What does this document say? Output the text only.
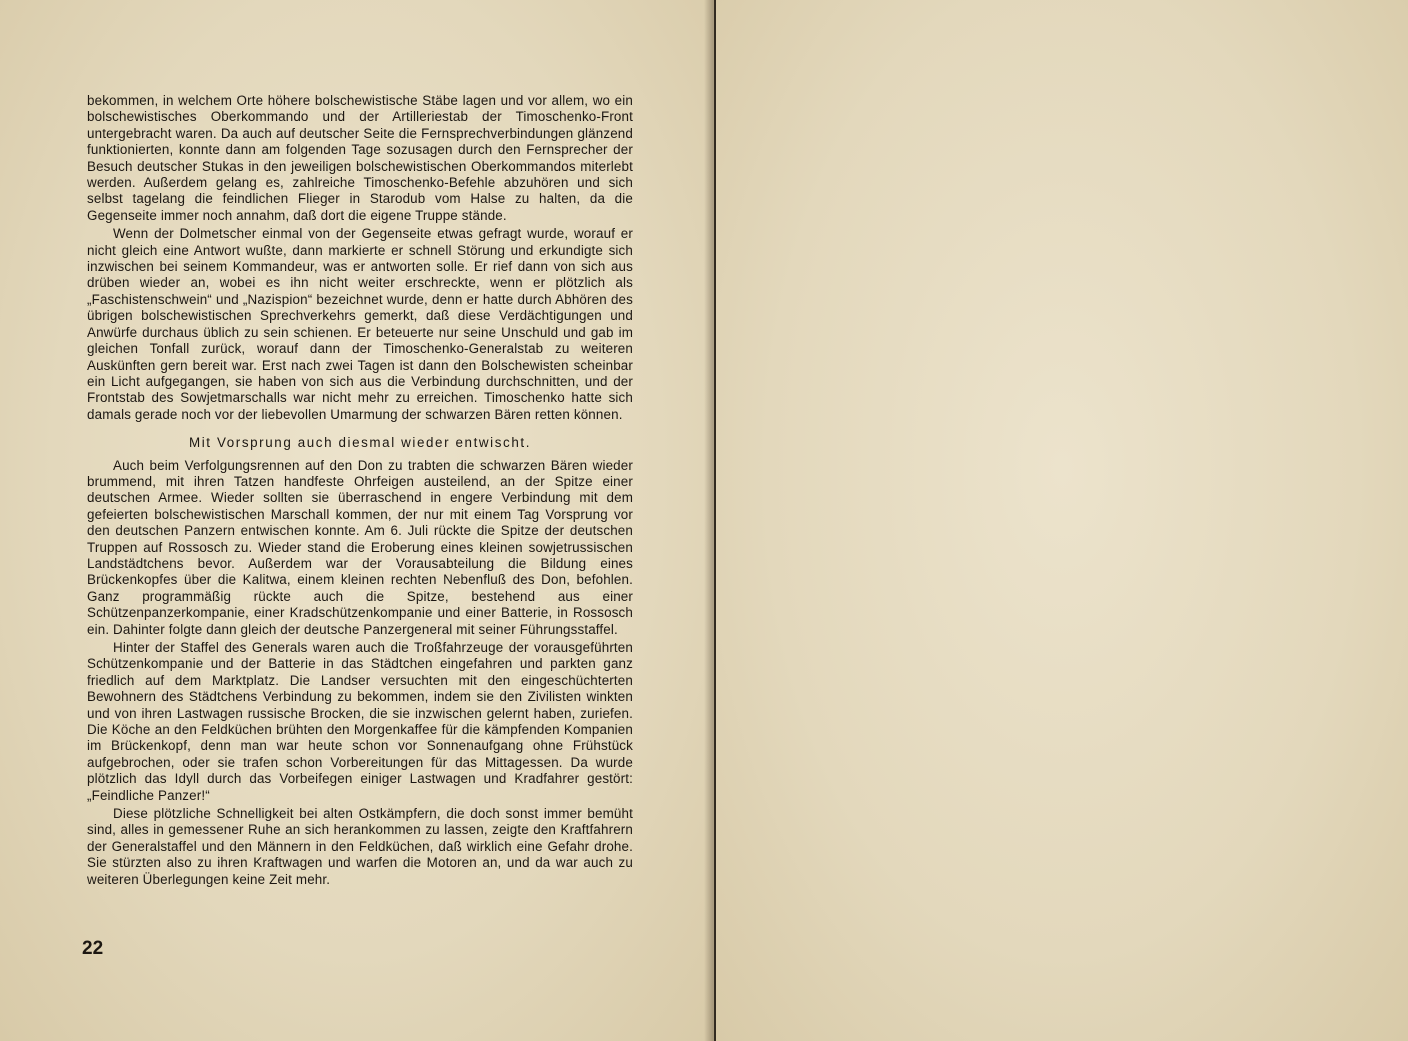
bekommen, in welchem Orte höhere bolschewistische Stäbe lagen und vor allem, wo ein bolschewistisches Oberkommando und der Artilleriestab der Timoschenko-Front untergebracht waren. Da auch auf deutscher Seite die Fernsprechverbindungen glänzend funktionierten, konnte dann am folgenden Tage sozusagen durch den Fernsprecher der Besuch deutscher Stukas in den jeweiligen bolschewistischen Oberkommandos miterlebt werden. Außerdem gelang es, zahlreiche Timoschenko-Befehle abzuhören und sich selbst tagelang die feindlichen Flieger in Starodub vom Halse zu halten, da die Gegenseite immer noch annahm, daß dort die eigene Truppe stände.

Wenn der Dolmetscher einmal von der Gegenseite etwas gefragt wurde, worauf er nicht gleich eine Antwort wußte, dann markierte er schnell Störung und erkundigte sich inzwischen bei seinem Kommandeur, was er antworten solle. Er rief dann von sich aus drüben wieder an, wobei es ihn nicht weiter erschreckte, wenn er plötzlich als „Faschistenschwein“ und „Nazispion“ bezeichnet wurde, denn er hatte durch Abhören des übrigen bolschewistischen Sprechverkehrs gemerkt, daß diese Verdächtigungen und Anwürfe durchaus üblich zu sein schienen. Er beteuerte nur seine Unschuld und gab im gleichen Tonfall zurück, worauf dann der Timoschenko-Generalstab zu weiteren Auskünften gern bereit war. Erst nach zwei Tagen ist dann den Bolschewisten scheinbar ein Licht aufgegangen, sie haben von sich aus die Verbindung durchschnitten, und der Frontstab des Sowjetmarschalls war nicht mehr zu erreichen. Timoschenko hatte sich damals gerade noch vor der liebevollen Umarmung der schwarzen Bären retten können.

Mit Vorsprung auch diesmal wieder entwischt.

Auch beim Verfolgungsrennen auf den Don zu trabten die schwarzen Bären wieder brummend, mit ihren Tatzen handfeste Ohrfeigen austeilend, an der Spitze einer deutschen Armee. Wieder sollten sie überraschend in engere Verbindung mit dem gefeierten bolschewistischen Marschall kommen, der nur mit einem Tag Vorsprung vor den deutschen Panzern entwischen konnte. Am 6. Juli rückte die Spitze der deutschen Truppen auf Rossosch zu. Wieder stand die Eroberung eines kleinen sowjetrussischen Landstädtchens bevor. Außerdem war der Vorausabteilung die Bildung eines Brückenkopfes über die Kalitwa, einem kleinen rechten Nebenfluß des Don, befohlen. Ganz programmäßig rückte auch die Spitze, bestehend aus einer Schützenpanzerkompanie, einer Kradschützenkompanie und einer Batterie, in Rossosch ein. Dahinter folgte dann gleich der deutsche Panzergeneral mit seiner Führungsstaffel.

Hinter der Staffel des Generals waren auch die Troßfahrzeuge der vorausgeführten Schützenkompanie und der Batterie in das Städtchen eingefahren und parkten ganz friedlich auf dem Marktplatz. Die Landser versuchten mit den eingeschüchterten Bewohnern des Städtchens Verbindung zu bekommen, indem sie den Zivilisten winkten und von ihren Lastwagen russische Brocken, die sie inzwischen gelernt haben, zuriefen. Die Köche an den Feldküchen brühten den Morgenkaffee für die kämpfenden Kompanien im Brückenkopf, denn man war heute schon vor Sonnenaufgang ohne Frühstück aufgebrochen, oder sie trafen schon Vorbereitungen für das Mittagessen. Da wurde plötzlich das Idyll durch das Vorbeifegen einiger Lastwagen und Kradfahrer gestört: „Feindliche Panzer!“

Diese plötzliche Schnelligkeit bei alten Ostkämpfern, die doch sonst immer bemüht sind, alles in gemessener Ruhe an sich herankommen zu lassen, zeigte den Kraftfahrern der Generalstaffel und den Männern in den Feldküchen, daß wirklich eine Gefahr drohe. Sie stürzten also zu ihren Kraftwagen und warfen die Motoren an, und da war auch zu weiteren Überlegungen keine Zeit mehr.

22
